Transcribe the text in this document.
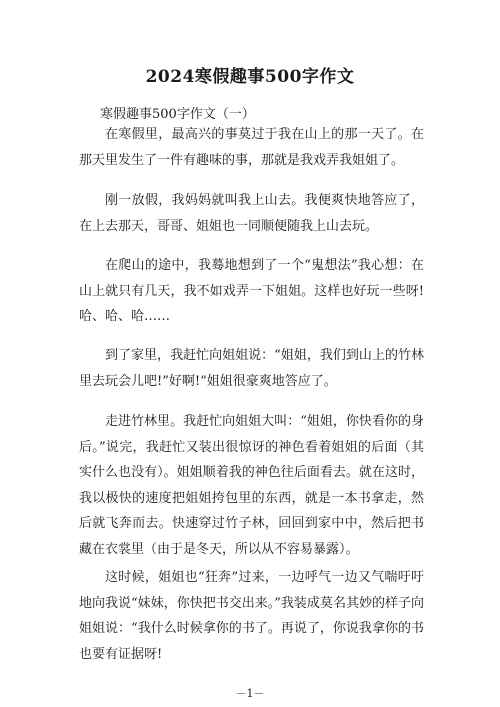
2024寒假趣事500字作文
寒假趣事500字作文（一）

在寒假里，最高兴的事莫过于我在山上的那一天了。在那天里发生了一件有趣味的事，那就是我戏弄我姐姐了。

刚一放假，我妈妈就叫我上山去。我便爽快地答应了，在上去那天，哥哥、姐姐也一同顺便随我上山去玩。

在爬山的途中，我蓦地想到了一个“鬼想法”我心想：在山上就只有几天，我不如戏弄一下姐姐。这样也好玩一些呀!哈、哈、哈……

到了家里，我赶忙向姐姐说：“姐姐，我们到山上的竹林里去玩会儿吧!”好啊!“姐姐很豪爽地答应了。

走进竹林里。我赶忙向姐姐大叫：“姐姐，你快看你的身后。”说完，我赶忙又装出很惊讶的神色看着姐姐的后面（其实什么也没有）。姐姐顺着我的神色往后面看去。就在这时，我以极快的速度把姐姐挎包里的东西，就是一本书拿走，然后就飞奔而去。快速穿过竹子林，回回到家中中，然后把书藏在衣裳里（由于是冬天，所以从不容易暴露）。

这时候，姐姐也“狂奔”过来，一边呼气一边又气喘吁吁地向我说“妹妹，你快把书交出来。”我装成莫名其妙的样子向姐姐说：“我什么时候拿你的书了。再说了，你说我拿你的书也要有证据呀!

－1－
